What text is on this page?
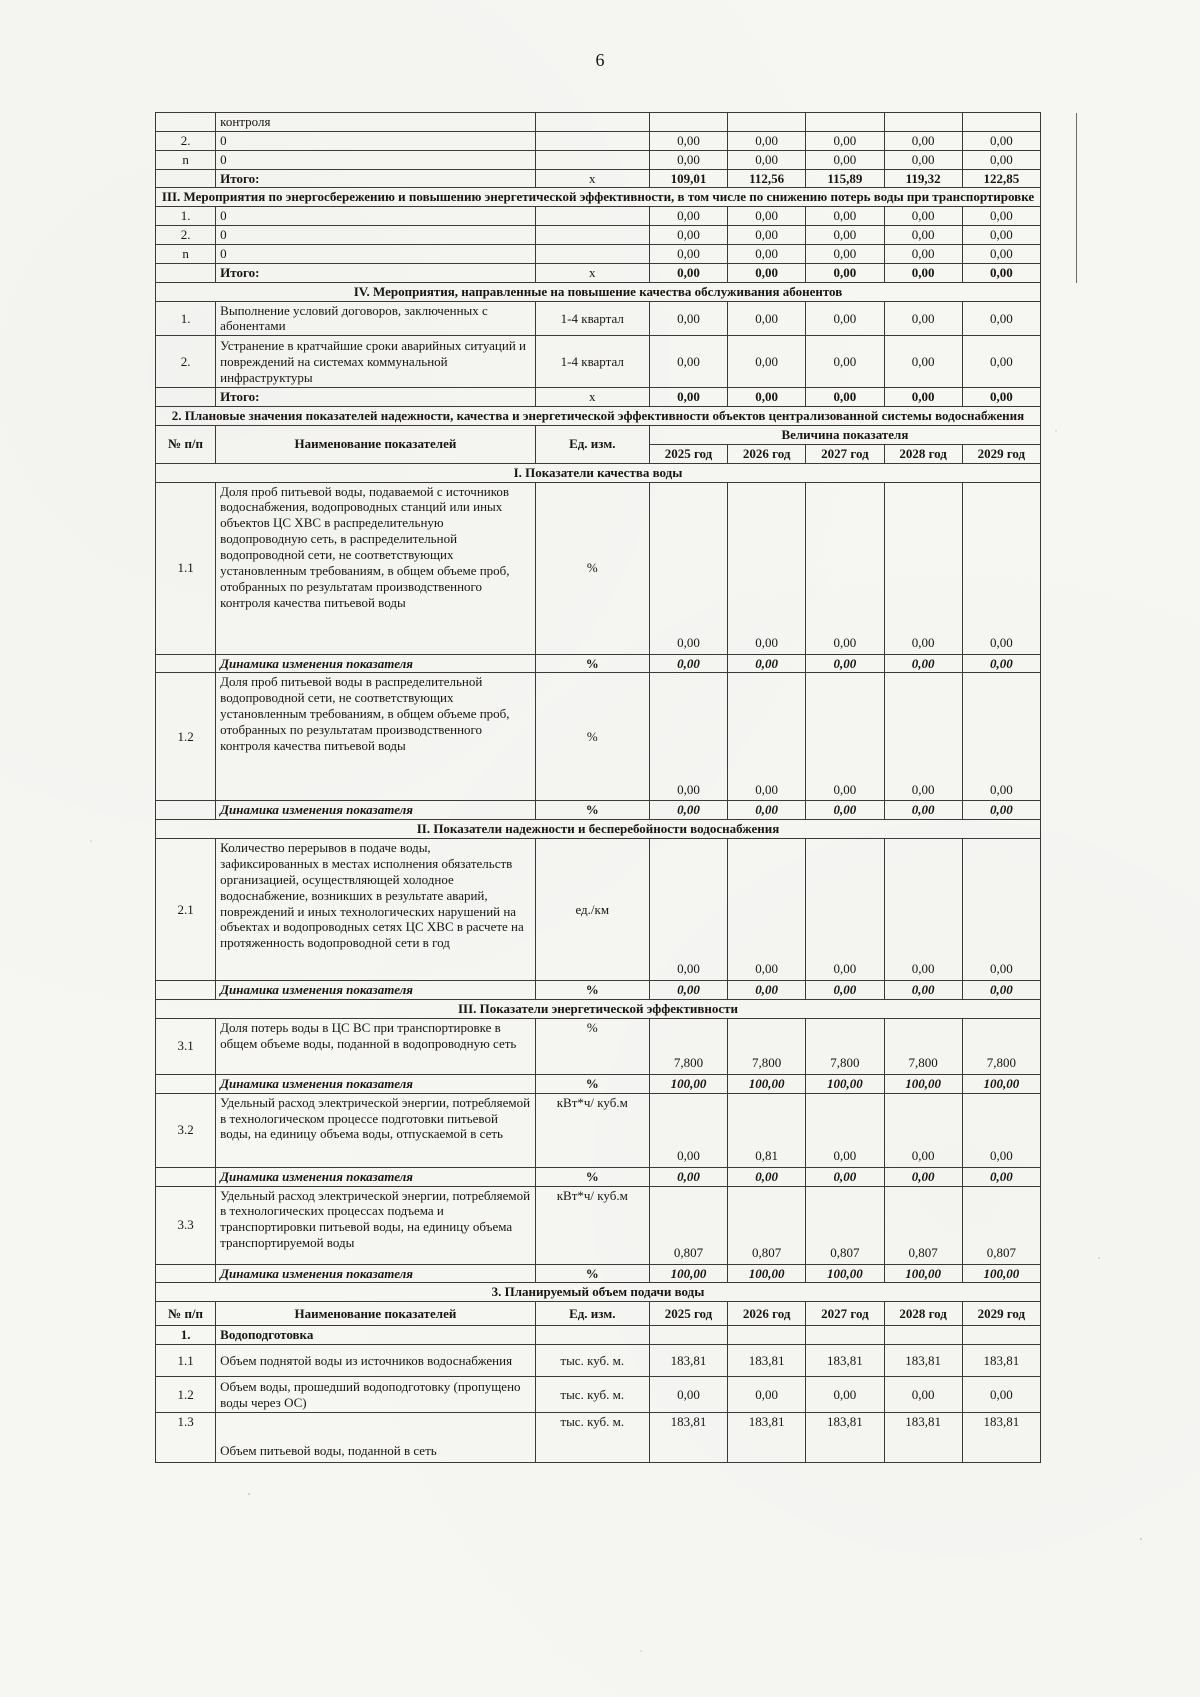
6
	контроля						
2.	0		0,00	0,00	0,00	0,00	0,00
n	0		0,00	0,00	0,00	0,00	0,00
	Итого:	х	109,01	112,56	115,89	119,32	122,85
III. Мероприятия по энергосбережению и повышению энергетической эффективности, в том числе по снижению потерь воды при транспортировке							
1.	0		0,00	0,00	0,00	0,00	0,00
2.	0		0,00	0,00	0,00	0,00	0,00
n	0		0,00	0,00	0,00	0,00	0,00
	Итого:	х	0,00	0,00	0,00	0,00	0,00
IV. Мероприятия, направленные на повышение качества обслуживания абонентов							
1.	Выполнение условий договоров, заключенных с абонентами	1-4 квартал	0,00	0,00	0,00	0,00	0,00
2.	Устранение в кратчайшие сроки аварийных ситуаций и повреждений на системах коммунальной инфраструктуры	1-4 квартал	0,00	0,00	0,00	0,00	0,00
	Итого:	х	0,00	0,00	0,00	0,00	0,00
2. Плановые значения показателей надежности, качества и энергетической эффективности объектов централизованной системы водоснабжения							
№ п/п	Наименование показателей	Ед. изм.	Величина показателя				
			2025 год	2026 год	2027 год	2028 год	2029 год
I. Показатели качества воды							
1.1	Доля проб питьевой воды, подаваемой с источников водоснабжения, водопроводных станций или иных объектов ЦС ХВС в распределительную водопроводную сеть, в распределительной водопроводной сети, не соответствующих установленным требованиям, в общем объеме проб, отобранных по результатам производственного контроля качества питьевой воды	%	0,00	0,00	0,00	0,00	0,00
	Динамика изменения показателя	%	0,00	0,00	0,00	0,00	0,00
1.2	Доля проб питьевой воды в распределительной водопроводной сети, не соответствующих установленным требованиям, в общем объеме проб, отобранных по результатам производственного контроля качества питьевой воды	%	0,00	0,00	0,00	0,00	0,00
	Динамика изменения показателя	%	0,00	0,00	0,00	0,00	0,00
II. Показатели надежности и бесперебойности водоснабжения							
2.1	Количество перерывов в подаче воды, зафиксированных в местах исполнения обязательств организацией, осуществляющей холодное водоснабжение, возникших в результате аварий, повреждений и иных технологических нарушений на объектах и водопроводных сетях ЦС ХВС в расчете на протяженность водопроводной сети в год	ед./км	0,00	0,00	0,00	0,00	0,00
	Динамика изменения показателя	%	0,00	0,00	0,00	0,00	0,00
III. Показатели энергетической эффективности							
3.1	Доля потерь воды в ЦС ВС при транспортировке в общем объеме воды, поданной в водопроводную сеть	%	7,800	7,800	7,800	7,800	7,800
	Динамика изменения показателя	%	100,00	100,00	100,00	100,00	100,00
3.2	Удельный расход электрической энергии, потребляемой в технологическом процессе подготовки питьевой воды, на единицу объема воды, отпускаемой в сеть	кВт*ч/ куб.м	0,00	0,81	0,00	0,00	0,00
	Динамика изменения показателя	%	0,00	0,00	0,00	0,00	0,00
3.3	Удельный расход электрической энергии, потребляемой в технологических процессах подъема и транспортировки питьевой воды, на единицу объема транспортируемой воды	кВт*ч/ куб.м	0,807	0,807	0,807	0,807	0,807
	Динамика изменения показателя	%	100,00	100,00	100,00	100,00	100,00
3. Планируемый объем подачи воды							
№ п/п	Наименование показателей	Ед. изм.	2025 год	2026 год	2027 год	2028 год	2029 год
1.	Водоподготовка						
1.1	Объем поднятой воды из источников водоснабжения	тыс. куб. м.	183,81	183,81	183,81	183,81	183,81
1.2	Объем воды, прошедший водоподготовку (пропущено воды через ОС)	тыс. куб. м.	0,00	0,00	0,00	0,00	0,00
1.3	Объем питьевой воды, поданной в сеть	тыс. куб. м.	183,81	183,81	183,81	183,81	183,81
